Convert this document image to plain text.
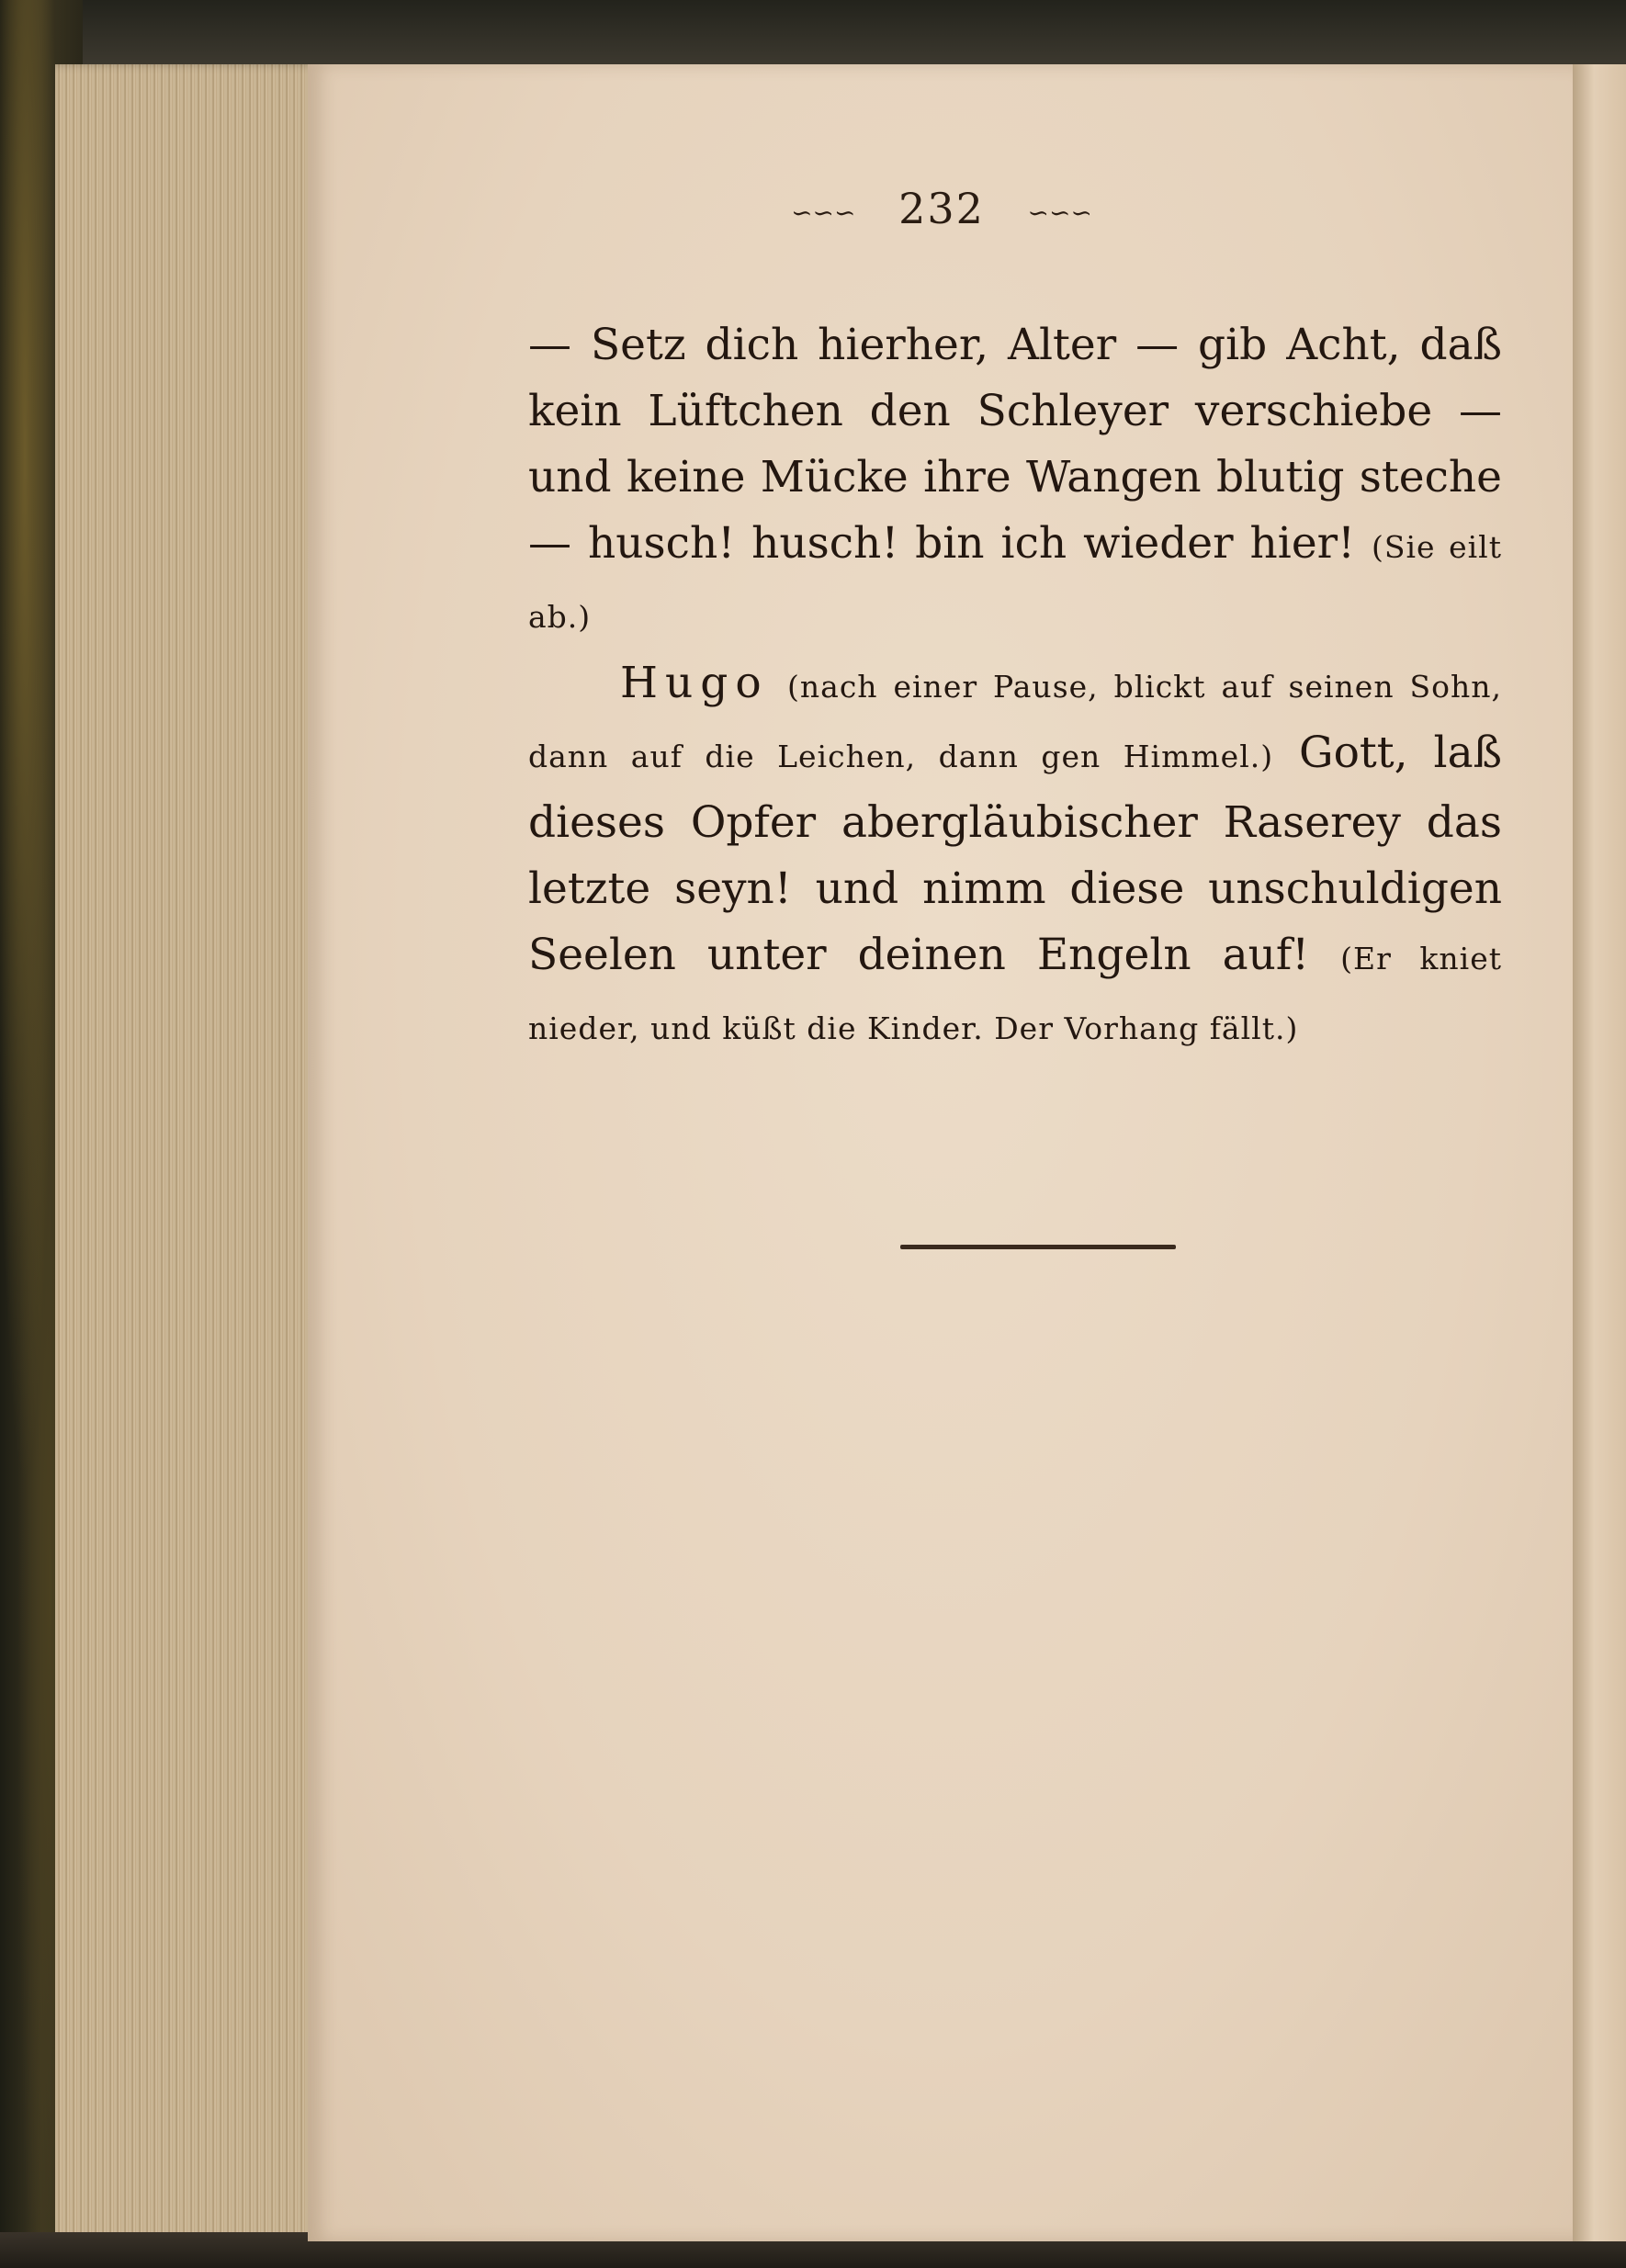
∽∽∽ 232 ∽∽∽

— Setz dich hierher, Alter — gib Acht, daß kein Lüftchen den Schleyer verschiebe — und keine Mücke ihre Wangen blutig steche — husch! husch! bin ich wieder hier! (Sie eilt ab.)

Hugo (nach einer Pause, blickt auf seinen Sohn, dann auf die Leichen, dann gen Himmel.) Gott, laß dieses Opfer abergläubischer Raserey das letzte seyn! und nimm diese unschuldigen Seelen unter deinen Engeln auf! (Er kniet nieder, und küßt die Kinder. Der Vorhang fällt.)
